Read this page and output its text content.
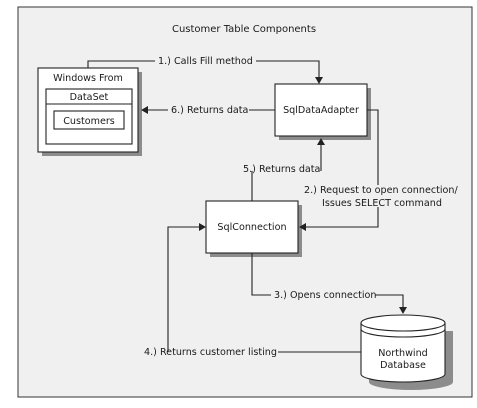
Customer Table Components
Windows From
DataSet
Customers
SqlDataAdapter
SqlConnection
Northwind
Database
1.) Calls Fill method
6.) Returns data
5.) Returns data
2.) Request to open connection/
Issues SELECT command
3.) Opens connection
4.) Returns customer listing
